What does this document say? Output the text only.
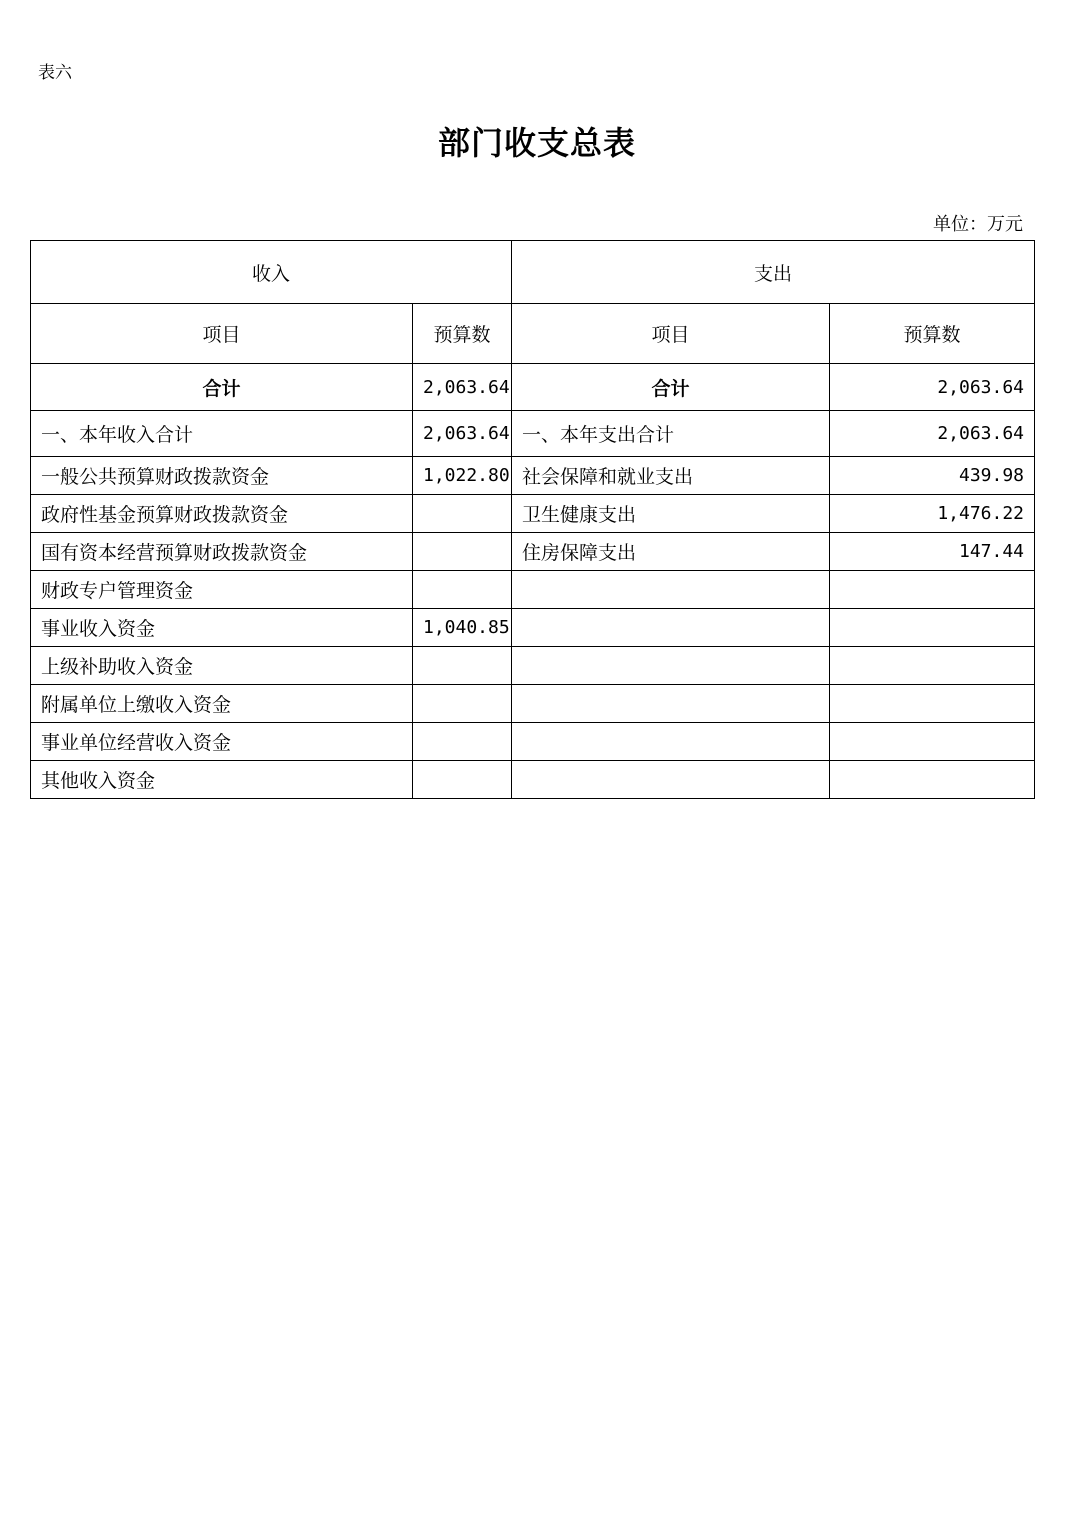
表六
部门收支总表
单位：万元
收入		支出	
项目	预算数	项目	预算数
合计	2,063.64	合计	2,063.64
一、本年收入合计	2,063.64	一、本年支出合计	2,063.64
一般公共预算财政拨款资金	1,022.80	社会保障和就业支出	439.98
政府性基金预算财政拨款资金		卫生健康支出	1,476.22
国有资本经营预算财政拨款资金		住房保障支出	147.44
财政专户管理资金			
事业收入资金	1,040.85		
上级补助收入资金			
附属单位上缴收入资金			
事业单位经营收入资金			
其他收入资金			
